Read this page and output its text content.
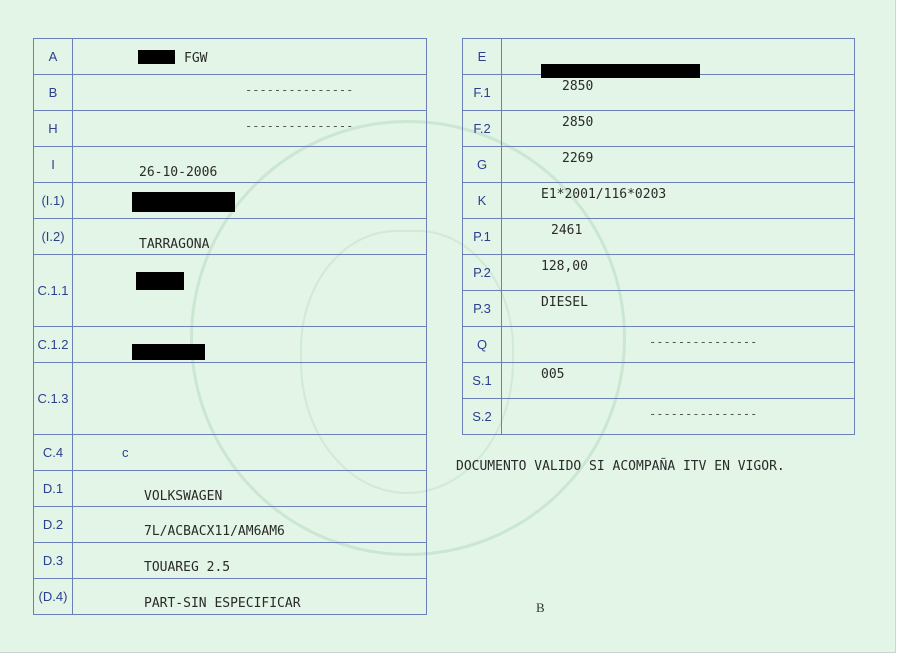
A	FGW

B	---------------

H	---------------

I	26-10-2006

(I.1)	

(I.2)	TARRAGONA

C.1.1	

C.1.2	

C.1.3	

C.4	c

D.1	VOLKSWAGEN

D.2	7L/ACBACX11/AM6AM6

D.3	TOUAREG 2.5

(D.4)	PART-SIN ESPECIFICAR
E	

F.1	2850

F.2	2850

G	2269

K	E1*2001/116*0203

P.1	2461

P.2	128,00

P.3	DIESEL

Q	---------------

S.1	005

S.2	---------------
DOCUMENTO VALIDO SI ACOMPAÑA ITV EN VIGOR.
B
